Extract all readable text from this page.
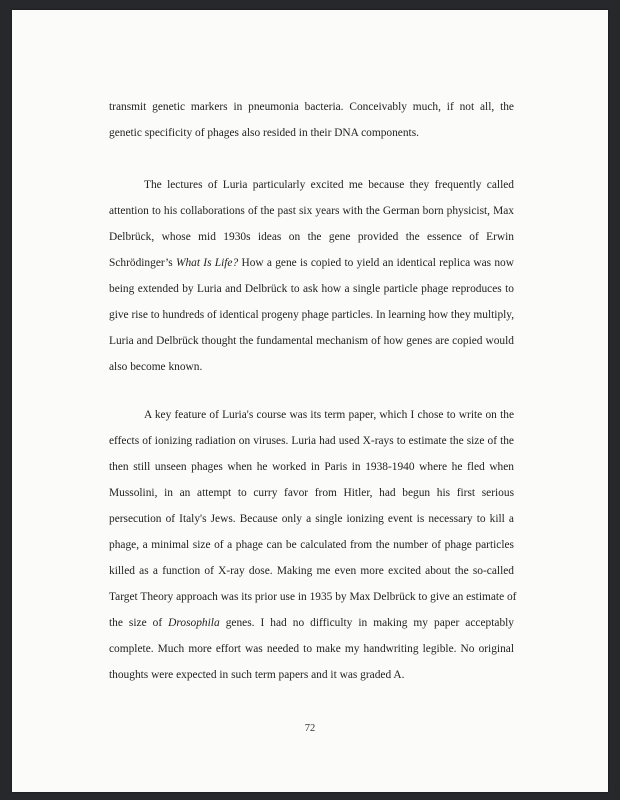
transmit genetic markers in pneumonia bacteria. Conceivably much, if not all, the
genetic specificity of phages also resided in their DNA components.
The lectures of Luria particularly excited me because they frequently called
attention to his collaborations of the past six years with the German born physicist, Max
Delbrück, whose mid 1930s ideas on the gene provided the essence of Erwin
Schrödinger’s What Is Life? How a gene is copied to yield an identical replica was now
being extended by Luria and Delbrück to ask how a single particle phage reproduces to
give rise to hundreds of identical progeny phage particles. In learning how they multiply,
Luria and Delbrück thought the fundamental mechanism of how genes are copied would
also become known.
A key feature of Luria's course was its term paper, which I chose to write on the
effects of ionizing radiation on viruses. Luria had used X-rays to estimate the size of the
then still unseen phages when he worked in Paris in 1938-1940 where he fled when
Mussolini, in an attempt to curry favor from Hitler, had begun his first serious
persecution of Italy's Jews. Because only a single ionizing event is necessary to kill a
phage, a minimal size of a phage can be calculated from the number of phage particles
killed as a function of X-ray dose. Making me even more excited about the so-called
Target Theory approach was its prior use in 1935 by Max Delbrück to give an estimate of
the size of Drosophila genes. I had no difficulty in making my paper acceptably
complete. Much more effort was needed to make my handwriting legible. No original
thoughts were expected in such term papers and it was graded A.
72
